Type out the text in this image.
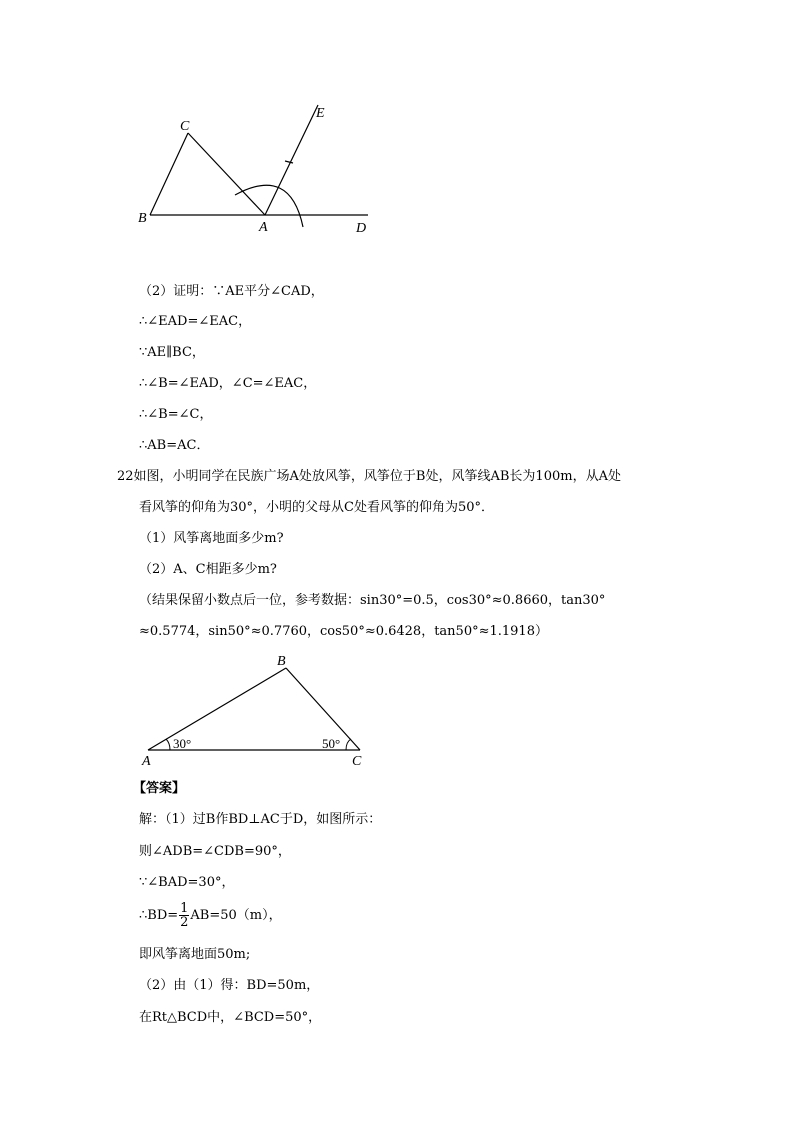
C
E
B
A	D
（2）证明：∵AE平分∠CAD，
∴∠EAD=∠EAC，
∵AE∥BC，
∴∠B=∠EAD，∠C=∠EAC，
∴∠B=∠C，
∴AB=AC．
22如图，小明同学在民族广场A处放风筝，风筝位于B处，风筝线AB长为100m，从A处
看风筝的仰角为30°，小明的父母从C处看风筝的仰角为50°．
（1）风筝离地面多少m?
（2）A、C相距多少m?
（结果保留小数点后一位，参考数据：sin30°=0.5，cos30°≈0.8660，tan30°
≈0.5774，sin50°≈0.7760，cos50°≈0.6428，tan50°≈1.1918）
B
A	C
30°	50°
【答案】
解：（1）过B作BD⊥AC于D，如图所示：
则∠ADB=∠CDB=90°，
∵∠BAD=30°，
∴BD= $\frac{1}{2} AB=50(m)$，
即风筝离地面50m;
（2）由（1）得：BD=50m，
在Rt△BCD中，∠BCD=50°，
